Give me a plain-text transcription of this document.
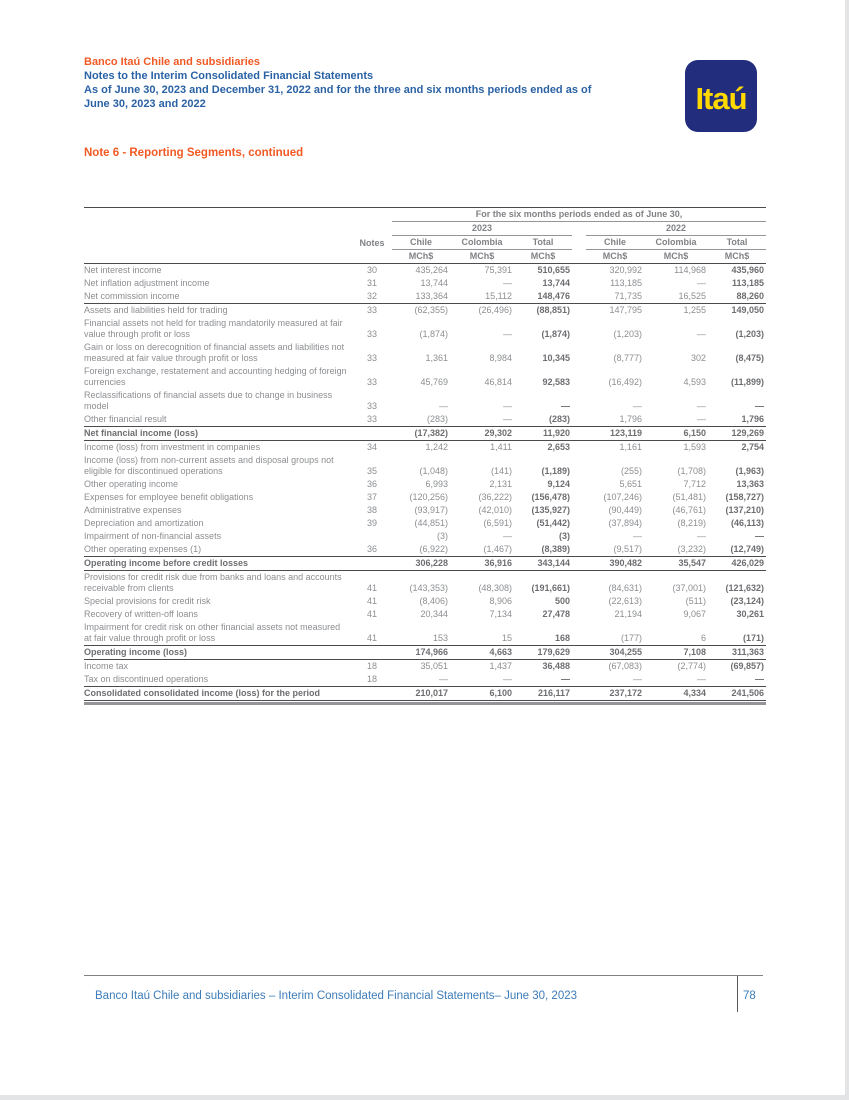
Banco Itaú Chile and subsidiaries
Notes to the Interim Consolidated Financial Statements
As of June 30, 2023 and December 31, 2022 and for the three and six months periods ended as of
June 30, 2023 and 2022	Itaú
Note 6 - Reporting Segments, continued
		For the six months periods ended as of June 30,						
		2023				2022		
	Notes	Chile	Colombia	Total		Chile	Colombia	Total
		MCh$	MCh$	MCh$		MCh$	MCh$	MCh$
Net interest income	30	435,264	75,391	510,655		320,992	114,968	435,960
Net inflation adjustment income	31	13,744	—	13,744		113,185	—	113,185
Net commission income	32	133,364	15,112	148,476		71,735	16,525	88,260
Assets and liabilities held for trading	33	(62,355)	(26,496)	(88,851)		147,795	1,255	149,050
Financial assets not held for trading mandatorily measured at fair value through profit or loss	33	(1,874)	—	(1,874)		(1,203)	—	(1,203)
Gain or loss on derecognition of financial assets and liabilities not measured at fair value through profit or loss	33	1,361	8,984	10,345		(8,777)	302	(8,475)
Foreign exchange, restatement and accounting hedging of foreign currencies	33	45,769	46,814	92,583		(16,492)	4,593	(11,899)
Reclassifications of financial assets due to change in business model	33	—	—	—		—	—	—
Other financial result	33	(283)	—	(283)		1,796	—	1,796
Net financial income (loss)		(17,382)	29,302	11,920		123,119	6,150	129,269
Income (loss) from investment in companies	34	1,242	1,411	2,653		1,161	1,593	2,754
Income (loss) from non-current assets and disposal groups not eligible for discontinued operations	35	(1,048)	(141)	(1,189)		(255)	(1,708)	(1,963)
Other operating income	36	6,993	2,131	9,124		5,651	7,712	13,363
Expenses for employee benefit obligations	37	(120,256)	(36,222)	(156,478)		(107,246)	(51,481)	(158,727)
Administrative expenses	38	(93,917)	(42,010)	(135,927)		(90,449)	(46,761)	(137,210)
Depreciation and amortization	39	(44,851)	(6,591)	(51,442)		(37,894)	(8,219)	(46,113)
Impairment of non-financial assets		(3)	—	(3)		—	—	—
Other operating expenses (1)	36	(6,922)	(1,467)	(8,389)		(9,517)	(3,232)	(12,749)
Operating income before credit losses		306,228	36,916	343,144		390,482	35,547	426,029
Provisions for credit risk due from banks and loans and accounts receivable from clients	41	(143,353)	(48,308)	(191,661)		(84,631)	(37,001)	(121,632)
Special provisions for credit risk	41	(8,406)	8,906	500		(22,613)	(511)	(23,124)
Recovery of written-off loans	41	20,344	7,134	27,478		21,194	9,067	30,261
Impairment for credit risk on other financial assets not measured at fair value through profit or loss	41	153	15	168		(177)	6	(171)
Operating income (loss)		174,966	4,663	179,629		304,255	7,108	311,363
Income tax	18	35,051	1,437	36,488		(67,083)	(2,774)	(69,857)
Tax on discontinued operations	18	—	—	—		—	—	—
Consolidated consolidated income (loss) for the period		210,017	6,100	216,117		237,172	4,334	241,506
Banco Itaú Chile and subsidiaries – Interim Consolidated Financial Statements– June 30, 2023	78
